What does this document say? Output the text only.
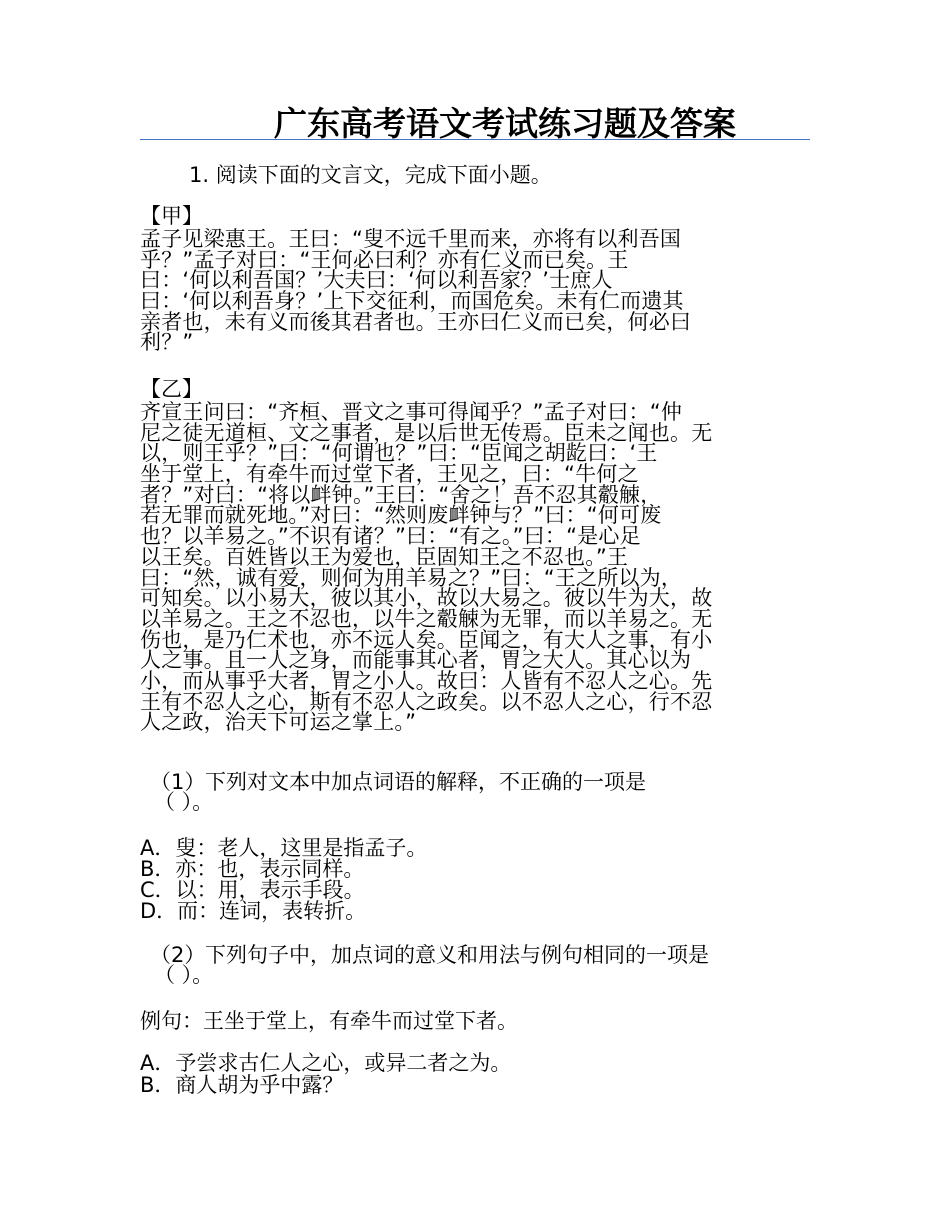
广东高考语文考试练习题及答案
1. 阅读下面的文言文，完成下面小题。
【甲】
孟子见梁惠王。王曰：“叟不远千里而来，亦将有以利吾国
乎？”孟子对曰：“王何必曰利？亦有仁义而已矣。王
曰：‘何以利吾国？’大夫曰：‘何以利吾家？’士庶人
曰：‘何以利吾身？’上下交征利，而国危矣。未有仁而遗其
亲者也，未有义而後其君者也。王亦曰仁义而已矣，何必曰
利？”
【乙】
齐宣王问曰：“齐桓、晋文之事可得闻乎？”孟子对曰：“仲
尼之徒无道桓、文之事者，是以后世无传焉。臣未之闻也。无
以，则王乎？”曰：“何谓也？”曰：“臣闻之胡龁曰：‘王
坐于堂上，有牵牛而过堂下者，王见之，曰：“牛何之
者？”对曰：“将以衅钟。”王曰：“舍之！吾不忍其觳觫，
若无罪而就死地。”对曰：“然则废衅钟与？”曰：“何可废
也？以羊易之。”不识有诸？”曰：“有之。”曰：“是心足
以王矣。百姓皆以王为爱也，臣固知王之不忍也。”王
曰：“然，诚有爱，则何为用羊易之？”曰：“王之所以为，
可知矣。以小易大，彼以其小，故以大易之。彼以牛为大，故
以羊易之。王之不忍也，以牛之觳觫为无罪，而以羊易之。无
伤也，是乃仁术也，亦不远人矣。臣闻之，有大人之事，有小
人之事。且一人之身，而能事其心者，胃之大人。其心以为
小，而从事乎大者，胃之小人。故曰：人皆有不忍人之心。先
王有不忍人之心，斯有不忍人之政矣。以不忍人之心，行不忍
人之政，治天下可运之掌上。”
（1） 下列对文本中加点词语的解释，不正确的一项是
（ ）。
A．叟：老人，这里是指孟子。
B．亦：也，表示同样。
C．以：用，表示手段。
D．而：连词，表转折。
（2） 下列句子中，加点词的意义和用法与例句相同的一项是
（ ）。
例句：王坐于堂上，有牵牛而过堂下者。
A．予尝求古仁人之心，或异二者之为。
B．商人胡为乎中露？
